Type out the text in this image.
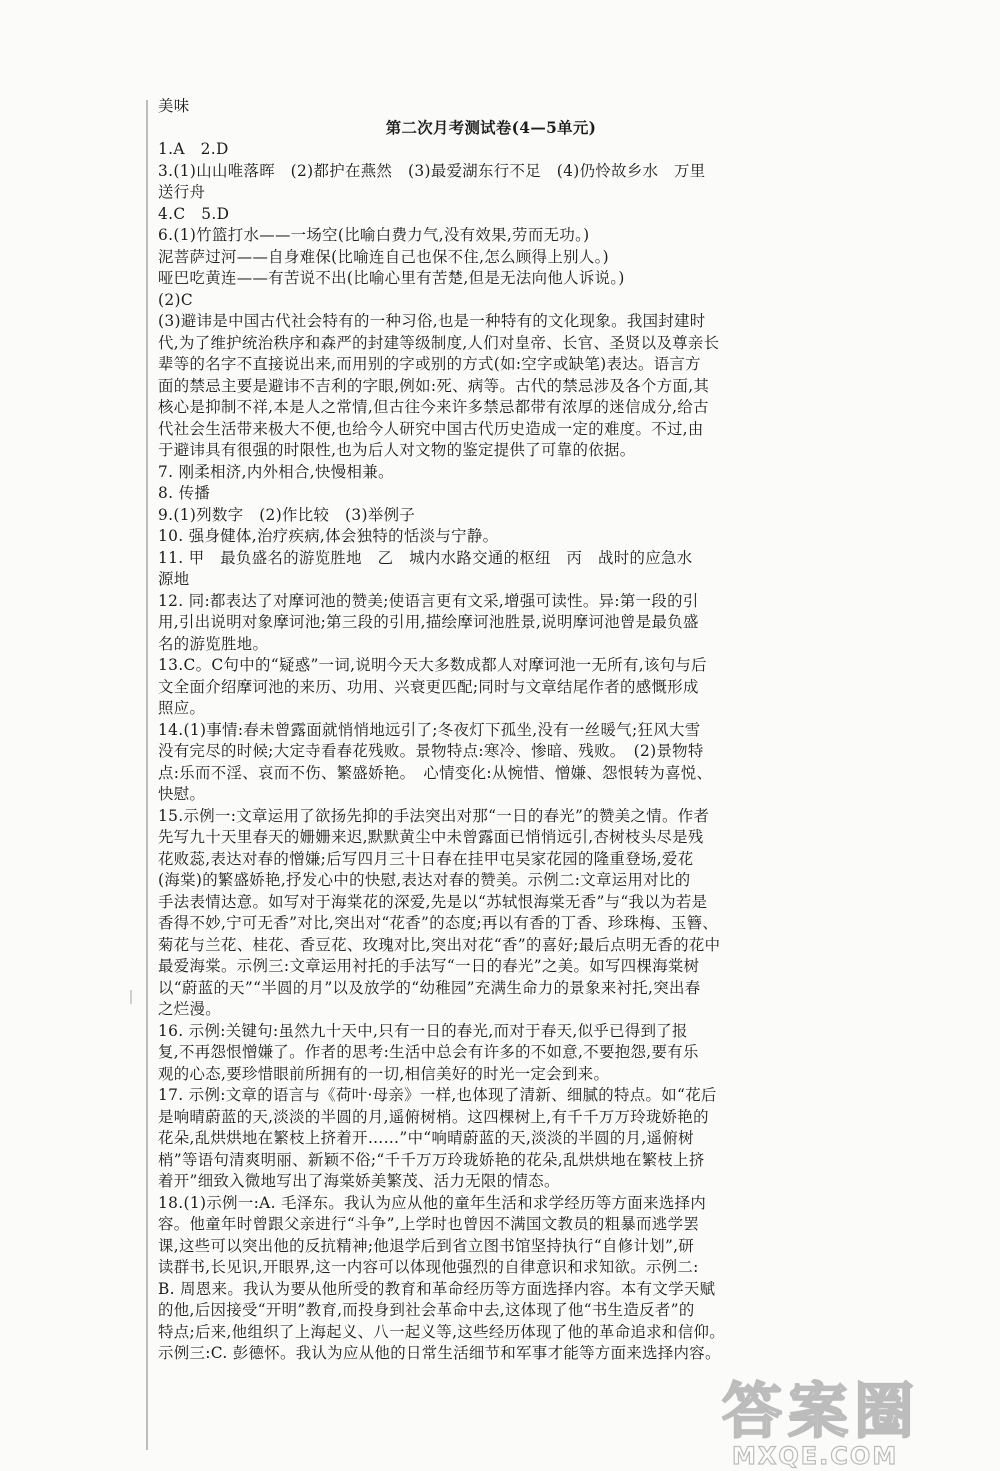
美味
第二次月考测试卷(4—5单元)
1.A　2.D
3.(1)山山唯落晖　(2)都护在燕然　(3)最爱湖东行不足　(4)仍怜故乡水　万里
送行舟
4.C　5.D
6.(1)竹篮打水——一场空(比喻白费力气,没有效果,劳而无功。)
泥菩萨过河——自身难保(比喻连自己也保不住,怎么顾得上别人。)
哑巴吃黄连——有苦说不出(比喻心里有苦楚,但是无法向他人诉说。)
(2)C
(3)避讳是中国古代社会特有的一种习俗,也是一种特有的文化现象。我国封建时
代,为了维护统治秩序和森严的封建等级制度,人们对皇帝、长官、圣贤以及尊亲长
辈等的名字不直接说出来,而用别的字或别的方式(如:空字或缺笔)表达。语言方
面的禁忌主要是避讳不吉利的字眼,例如:死、病等。古代的禁忌涉及各个方面,其
核心是抑制不祥,本是人之常情,但古往今来许多禁忌都带有浓厚的迷信成分,给古
代社会生活带来极大不便,也给今人研究中国古代历史造成一定的难度。不过,由
于避讳具有很强的时限性,也为后人对文物的鉴定提供了可靠的依据。
7. 刚柔相济,内外相合,快慢相兼。
8. 传播
9.(1)列数字　(2)作比较　(3)举例子
10. 强身健体,治疗疾病,体会独特的恬淡与宁静。
11. 甲　最负盛名的游览胜地　乙　城内水路交通的枢纽　丙　战时的应急水
源地
12. 同:都表达了对摩诃池的赞美;使语言更有文采,增强可读性。异:第一段的引
用,引出说明对象摩诃池;第三段的引用,描绘摩诃池胜景,说明摩诃池曾是最负盛
名的游览胜地。
13.C。C句中的“疑惑”一词,说明今天大多数成都人对摩诃池一无所有,该句与后
文全面介绍摩诃池的来历、功用、兴衰更匹配;同时与文章结尾作者的感慨形成
照应。
14.(1)事情:春未曾露面就悄悄地远引了;冬夜灯下孤坐,没有一丝暖气;狂风大雪
没有完尽的时候;大定寺看春花残败。景物特点:寒冷、惨暗、残败。　(2)景物特
点:乐而不淫、哀而不伤、繁盛娇艳。　心情变化:从惋惜、憎嫌、怨恨转为喜悦、
快慰。
15.示例一:文章运用了欲扬先抑的手法突出对那“一日的春光”的赞美之情。作者
先写九十天里春天的姗姗来迟,默默黄尘中未曾露面已悄悄远引,杏树枝头尽是残
花败蕊,表达对春的憎嫌;后写四月三十日春在挂甲屯吴家花园的隆重登场,爱花
(海棠)的繁盛娇艳,抒发心中的快慰,表达对春的赞美。示例二:文章运用对比的
手法表情达意。如写对于海棠花的深爱,先是以“苏轼恨海棠无香”与“我以为若是
香得不妙,宁可无香”对比,突出对“花香”的态度;再以有香的丁香、珍珠梅、玉簪、
菊花与兰花、桂花、香豆花、玫瑰对比,突出对花“香”的喜好;最后点明无香的花中
最爱海棠。示例三:文章运用衬托的手法写“一日的春光”之美。如写四棵海棠树
以“蔚蓝的天”“半圆的月”以及放学的“幼稚园”充满生命力的景象来衬托,突出春
之烂漫。
16. 示例:关键句:虽然九十天中,只有一日的春光,而对于春天,似乎已得到了报
复,不再怨恨憎嫌了。作者的思考:生活中总会有许多的不如意,不要抱怨,要有乐
观的心态,要珍惜眼前所拥有的一切,相信美好的时光一定会到来。
17. 示例:文章的语言与《荷叶·母亲》一样,也体现了清新、细腻的特点。如“花后
是响晴蔚蓝的天,淡淡的半圆的月,遥俯树梢。这四棵树上,有千千万万玲珑娇艳的
花朵,乱烘烘地在繁枝上挤着开……”中“响晴蔚蓝的天,淡淡的半圆的月,遥俯树
梢”等语句清爽明丽、新颖不俗;“千千万万玲珑娇艳的花朵,乱烘烘地在繁枝上挤
着开”细致入微地写出了海棠娇美繁茂、活力无限的情态。
18.(1)示例一:A. 毛泽东。我认为应从他的童年生活和求学经历等方面来选择内
容。他童年时曾跟父亲进行“斗争”,上学时也曾因不满国文教员的粗暴而逃学罢
课,这些可以突出他的反抗精神;他退学后到省立图书馆坚持执行“自修计划”,研
读群书,长见识,开眼界,这一内容可以体现他强烈的自律意识和求知欲。示例二:
B. 周恩来。我认为要从他所受的教育和革命经历等方面选择内容。本有文学天赋
的他,后因接受“开明”教育,而投身到社会革命中去,这体现了他“书生造反者”的
特点;后来,他组织了上海起义、八一起义等,这些经历体现了他的革命追求和信仰。
示例三:C. 彭德怀。我认为应从他的日常生活细节和军事才能等方面来选择内容。
答案圈
MXQE.COM
